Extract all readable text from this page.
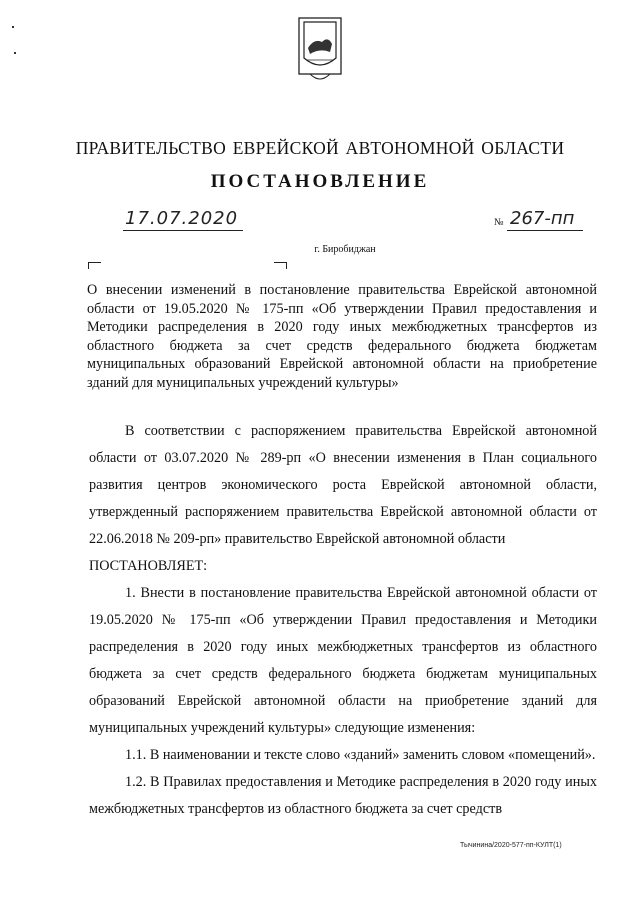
ПРАВИТЕЛЬСТВО ЕВРЕЙСКОЙ АВТОНОМНОЙ ОБЛАСТИ
ПОСТАНОВЛЕНИЕ
17.07.2020	№ 267-пп
г. Биробиджан
О внесении изменений в постановление правительства Еврейской автономной области от 19.05.2020 № 175-пп «Об утверждении Правил предоставления и Методики распределения в 2020 году иных межбюджетных трансфертов из областного бюджета за счет средств федерального бюджета бюджетам муниципальных образований Еврейской автономной области на приобретение зданий для муниципальных учреждений культуры»

В соответствии с распоряжением правительства Еврейской автономной области от 03.07.2020 № 289-рп «О внесении изменения в План социального развития центров экономического роста Еврейской автономной области, утвержденный распоряжением правительства Еврейской автономной области от 22.06.2018 № 209-рп» правительство Еврейской автономной области

ПОСТАНОВЛЯЕТ:

1. Внести в постановление правительства Еврейской автономной области от 19.05.2020 № 175-пп «Об утверждении Правил предоставления и Методики распределения в 2020 году иных межбюджетных трансфертов из областного бюджета за счет средств федерального бюджета бюджетам муниципальных образований Еврейской автономной области на приобретение зданий для муниципальных учреждений культуры» следующие изменения:

1.1. В наименовании и тексте слово «зданий» заменить словом «помещений».

1.2. В Правилах предоставления и Методике распределения в 2020 году иных межбюджетных трансфертов из областного бюджета за счет средств

Тычинина/2020-577-пп-КУЛТ(1)
